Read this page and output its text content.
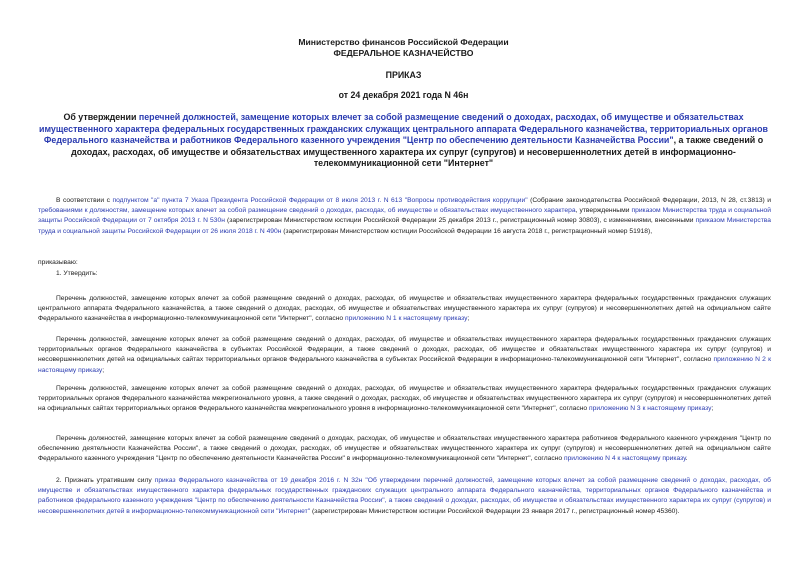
Министерство финансов Российской Федерации
ФЕДЕРАЛЬНОЕ КАЗНАЧЕЙСТВО
ПРИКАЗ
от 24 декабря 2021 года N 46н
Об утверждении перечней должностей, замещение которых влечет за собой размещение сведений о доходах, расходах, об имуществе и обязательствах имущественного характера федеральных государственных гражданских служащих центрального аппарата Федерального казначейства, территориальных органов Федерального казначейства и работников Федерального казенного учреждения "Центр по обеспечению деятельности Казначейства России", а также сведений о доходах, расходах, об имуществе и обязательствах имущественного характера их супруг (супругов) и несовершеннолетних детей в информационно-телекоммуникационной сети "Интернет"
В соответствии с подпунктом "а" пункта 7 Указа Президента Российской Федерации от 8 июля 2013 г. N 613 "Вопросы противодействия коррупции" (Собрание законодательства Российской Федерации, 2013, N 28, ст.3813) и требованиями к должностям, замещение которых влечет за собой размещение сведений о доходах, расходах, об имуществе и обязательствах имущественного характера, утвержденными приказом Министерства труда и социальной защиты Российской Федерации от 7 октября 2013 г. N 530н (зарегистрирован Министерством юстиции Российской Федерации 25 декабря 2013 г., регистрационный номер 30803), с изменениями, внесенными приказом Министерства труда и социальной защиты Российской Федерации от 26 июля 2018 г. N 490н (зарегистрирован Министерством юстиции Российской Федерации 16 августа 2018 г., регистрационный номер 51918),
приказываю:
1. Утвердить:
Перечень должностей, замещение которых влечет за собой размещение сведений о доходах, расходах, об имуществе и обязательствах имущественного характера федеральных государственных гражданских служащих центрального аппарата Федерального казначейства, а также сведений о доходах, расходах, об имуществе и обязательствах имущественного характера их супруг (супругов) и несовершеннолетних детей на официальном сайте Федерального казначейства в информационно-телекоммуникационной сети "Интернет", согласно приложению N 1 к настоящему приказу;
Перечень должностей, замещение которых влечет за собой размещение сведений о доходах, расходах, об имуществе и обязательствах имущественного характера федеральных государственных гражданских служащих территориальных органов Федерального казначейства в субъектах Российской Федерации, а также сведений о доходах, расходах, об имуществе и обязательствах имущественного характера их супруг (супругов) и несовершеннолетних детей на официальных сайтах территориальных органов Федерального казначейства в субъектах Российской Федерации в информационно-телекоммуникационной сети "Интернет", согласно приложению N 2 к настоящему приказу;
Перечень должностей, замещение которых влечет за собой размещение сведений о доходах, расходах, об имуществе и обязательствах имущественного характера федеральных государственных гражданских служащих территориальных органов Федерального казначейства межрегионального уровня, а также сведений о доходах, расходах, об имуществе и обязательствах имущественного характера их супруг (супругов) и несовершеннолетних детей на официальных сайтах территориальных органов Федерального казначейства межрегионального уровня в информационно-телекоммуникационной сети "Интернет", согласно приложению N 3 к настоящему приказу;
Перечень должностей, замещение которых влечет за собой размещение сведений о доходах, расходах, об имуществе и обязательствах имущественного характера работников Федерального казенного учреждения "Центр по обеспечению деятельности Казначейства России", а также сведений о доходах, расходах, об имуществе и обязательствах имущественного характера их супруг (супругов) и несовершеннолетних детей на официальном сайте Федерального казенного учреждения "Центр по обеспечению деятельности Казначейства России" в информационно-телекоммуникационной сети "Интернет", согласно приложению N 4 к настоящему приказу.
2. Признать утратившим силу приказ Федерального казначейства от 19 декабря 2016 г. N 32н "Об утверждении перечней должностей, замещение которых влечет за собой размещение сведений о доходах, расходах, об имуществе и обязательствах имущественного характера федеральных государственных гражданских служащих центрального аппарата Федерального казначейства, территориальных органов Федерального казначейства и работников федерального казенного учреждения "Центр по обеспечению деятельности Казначейства России", а также сведений о доходах, расходах, об имуществе и обязательствах имущественного характера их супруг (супругов) и несовершеннолетних детей в информационно-телекоммуникационной сети "Интернет" (зарегистрирован Министерством юстиции Российской Федерации 23 января 2017 г., регистрационный номер 45360).
